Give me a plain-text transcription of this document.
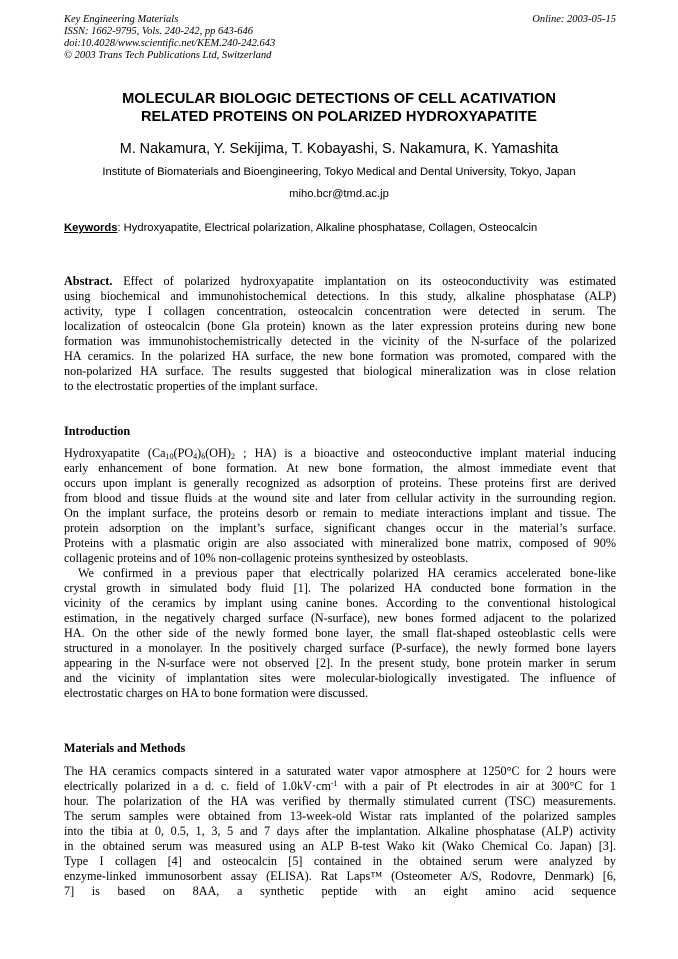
Key Engineering Materials
ISSN: 1662-9795, Vols. 240-242, pp 643-646
doi:10.4028/www.scientific.net/KEM.240-242.643
© 2003 Trans Tech Publications Ltd, Switzerland
Online: 2003-05-15
MOLECULAR BIOLOGIC DETECTIONS OF CELL ACATIVATION
RELATED PROTEINS ON POLARIZED HYDROXYAPATITE
M. Nakamura, Y. Sekijima, T. Kobayashi, S. Nakamura, K. Yamashita
Institute of Biomaterials and Bioengineering, Tokyo Medical and Dental University, Tokyo, Japan
miho.bcr@tmd.ac.jp
Keywords: Hydroxyapatite, Electrical polarization, Alkaline phosphatase, Collagen, Osteocalcin
Abstract. Effect of polarized hydroxyapatite implantation on its osteoconductivity was estimated
using biochemical and immunohistochemical detections. In this study, alkaline phosphatase (ALP)
activity, type I collagen concentration, osteocalcin concentration were detected in serum. The
localization of osteocalcin (bone Gla protein) known as the later expression proteins during new bone
formation was immunohistochemistrically detected in the vicinity of the N-surface of the polarized
HA ceramics. In the polarized HA surface, the new bone formation was promoted, compared with the
non-polarized HA surface. The results suggested that biological mineralization was in close relation
to the electrostatic properties of the implant surface.
Introduction
Hydroxyapatite ($Ca_{10}(PO_4)_6(OH)_2$ ; HA) is a bioactive and osteoconductive implant material inducing
early enhancement of bone formation. At new bone formation, the almost immediate event that
occurs upon implant is generally recognized as adsorption of proteins. These proteins first are derived
from blood and tissue fluids at the wound site and later from cellular activity in the surrounding region.
On the implant surface, the proteins desorb or remain to mediate interactions implant and tissue. The
protein adsorption on the implant’s surface, significant changes occur in the material’s surface.
Proteins with a plasmatic origin are also associated with mineralized bone matrix, composed of 90%
collagenic proteins and of 10% non-collagenic proteins synthesized by osteoblasts.
We confirmed in a previous paper that electrically polarized HA ceramics accelerated bone-like
crystal growth in simulated body fluid [1]. The polarized HA conducted bone formation in the
vicinity of the ceramics by implant using canine bones. According to the conventional histological
estimation, in the negatively charged surface (N-surface), new bones formed adjacent to the polarized
HA. On the other side of the newly formed bone layer, the small flat-shaped osteoblastic cells were
structured in a monolayer. In the positively charged surface (P-surface), the newly formed bone layers
appearing in the N-surface were not observed [2]. In the present study, bone protein marker in serum
and the vicinity of implantation sites were molecular-biologically investigated. The influence of
electrostatic charges on HA to bone formation were discussed.
Materials and Methods
The HA ceramics compacts sintered in a saturated water vapor atmosphere at 1250°C for 2 hours were
electrically polarized in a d. c. field of $1.0kV\cdot cm^{-1}$ with a pair of Pt electrodes in air at 300°C for 1
hour. The polarization of the HA was verified by thermally stimulated current (TSC) measurements.
The serum samples were obtained from 13-week-old Wistar rats implanted of the polarized samples
into the tibia at 0, 0.5, 1, 3, 5 and 7 days after the implantation. Alkaline phosphatase (ALP) activity
in the obtained serum was measured using an ALP B-test Wako kit (Wako Chemical Co. Japan) [3].
Type I collagen [4] and osteocalcin [5] contained in the obtained serum were analyzed by
enzyme-linked immunosorbent assay (ELISA). Rat Laps™ (Osteometer A/S, Rodovre, Denmark) [6,
7] is based on 8AA, a synthetic peptide with an eight amino acid sequence
